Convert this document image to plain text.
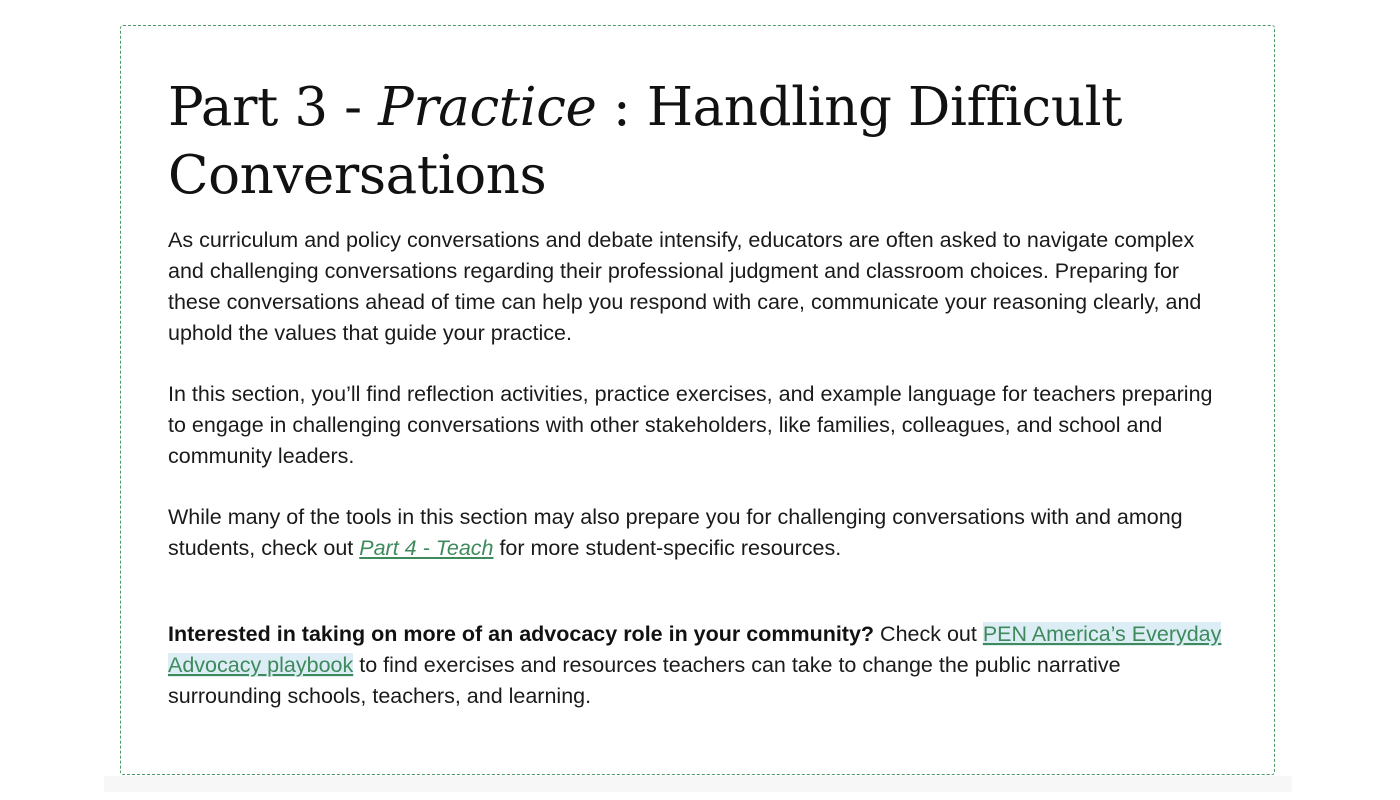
Part 3 - Practice : Handling Difficult Conversations

As curriculum and policy conversations and debate intensify, educators are often asked to navigate complex and challenging conversations regarding their professional judgment and classroom choices. Preparing for these conversations ahead of time can help you respond with care, communicate your reasoning clearly, and uphold the values that guide your practice.

In this section, you’ll find reflection activities, practice exercises, and example language for teachers preparing to engage in challenging conversations with other stakeholders, like families, colleagues, and school and community leaders.

While many of the tools in this section may also prepare you for challenging conversations with and among students, check out Part 4 - Teach for more student-specific resources.

Interested in taking on more of an advocacy role in your community? Check out PEN America’s Everyday Advocacy playbook to find exercises and resources teachers can take to change the public narrative surrounding schools, teachers, and learning.
